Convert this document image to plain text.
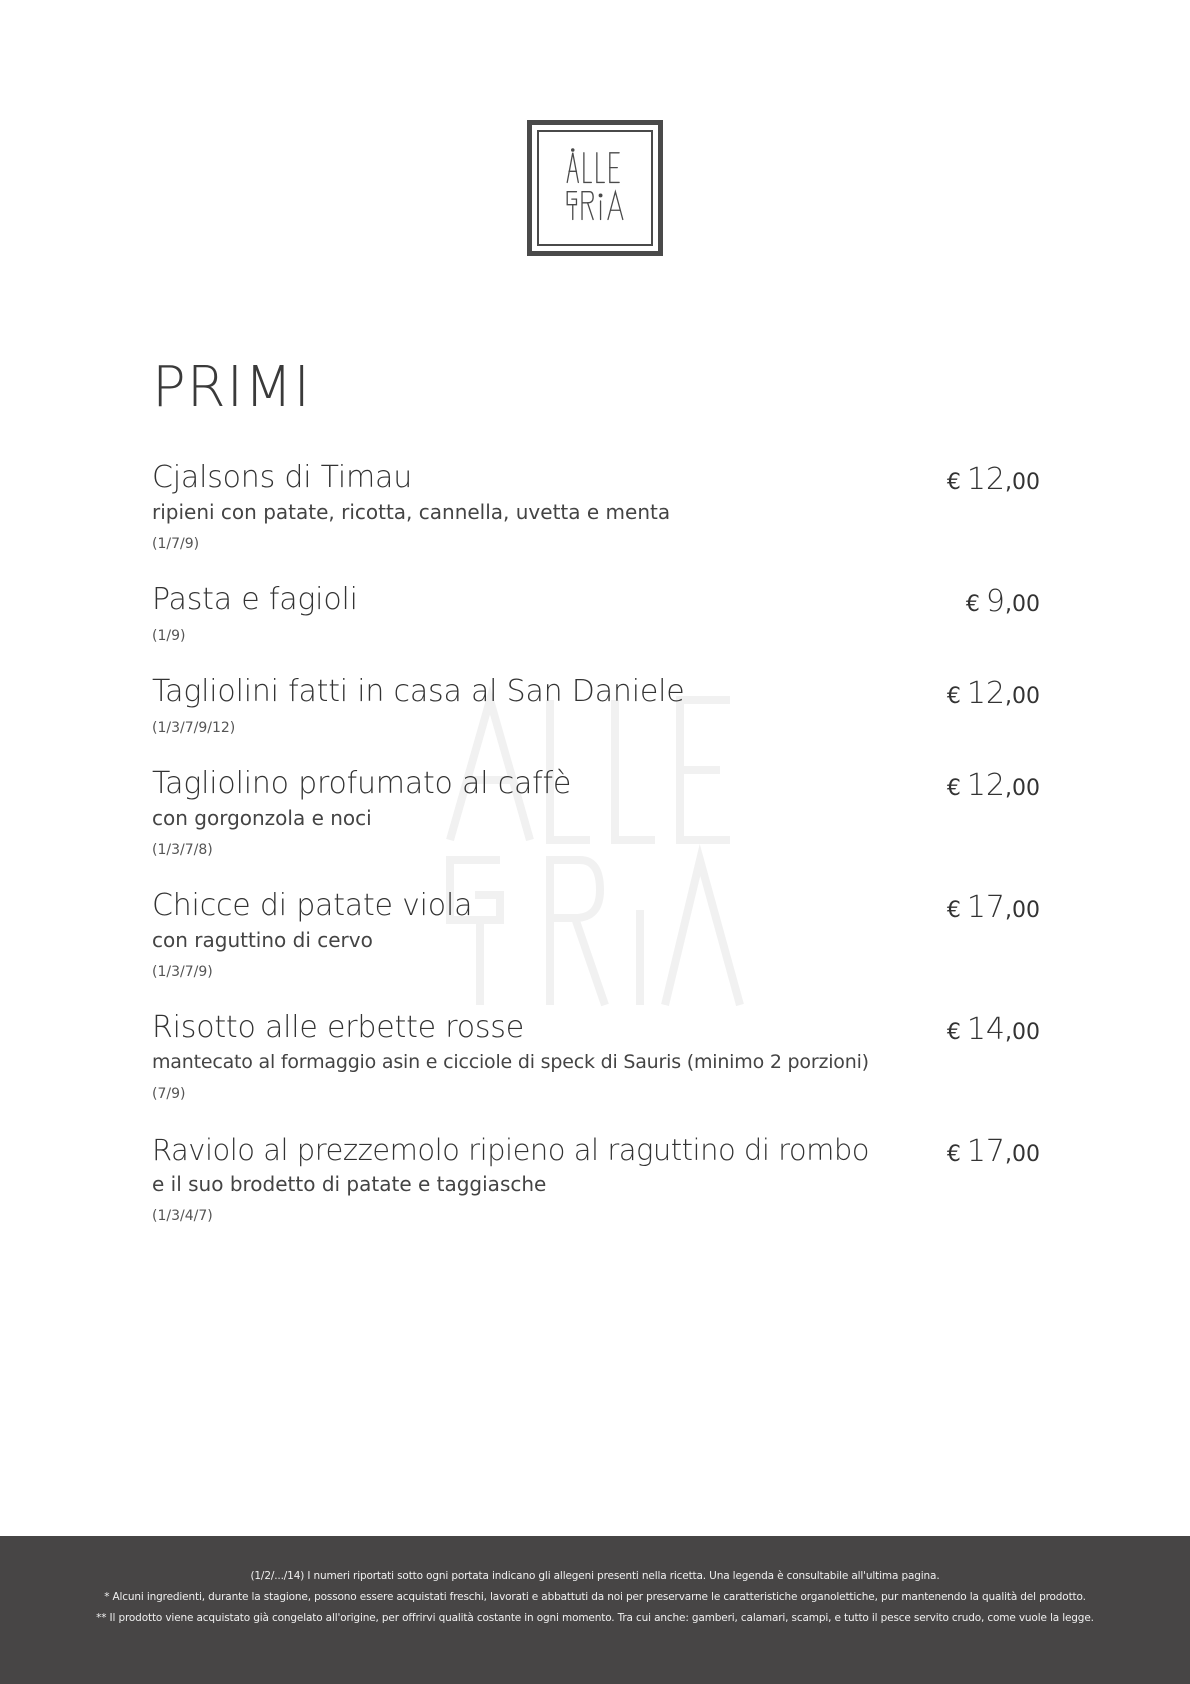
PRIMI
Cjalsons di Timau
ripieni con patate, ricotta, cannella, uvetta e menta
(1/7/9)
€ 12,00
Pasta e fagioli
(1/9)
€ 9,00
Tagliolini fatti in casa al San Daniele
(1/3/7/9/12)
€ 12,00
Tagliolino profumato al caffè
con gorgonzola e noci
(1/3/7/8)
€ 12,00
Chicce di patate viola
con raguttino di cervo
(1/3/7/9)
€ 17,00
Risotto alle erbette rosse
mantecato al formaggio asin e cicciole di speck di Sauris (minimo 2 porzioni)
(7/9)
€ 14,00
Raviolo al prezzemolo ripieno al raguttino di rombo
e il suo brodetto di patate e taggiasche
(1/3/4/7)
€ 17,00
(1/2/.../14) I numeri riportati sotto ogni portata indicano gli allegeni presenti nella ricetta. Una legenda è consultabile all'ultima pagina.
* Alcuni ingredienti, durante la stagione, possono essere acquistati freschi, lavorati e abbattuti da noi per preservarne le caratteristiche organolettiche, pur mantenendo la qualità del prodotto.
** Il prodotto viene acquistato già congelato all'origine, per offrirvi qualità costante in ogni momento. Tra cui anche: gamberi, calamari, scampi, e tutto il pesce servito crudo, come vuole la legge.
